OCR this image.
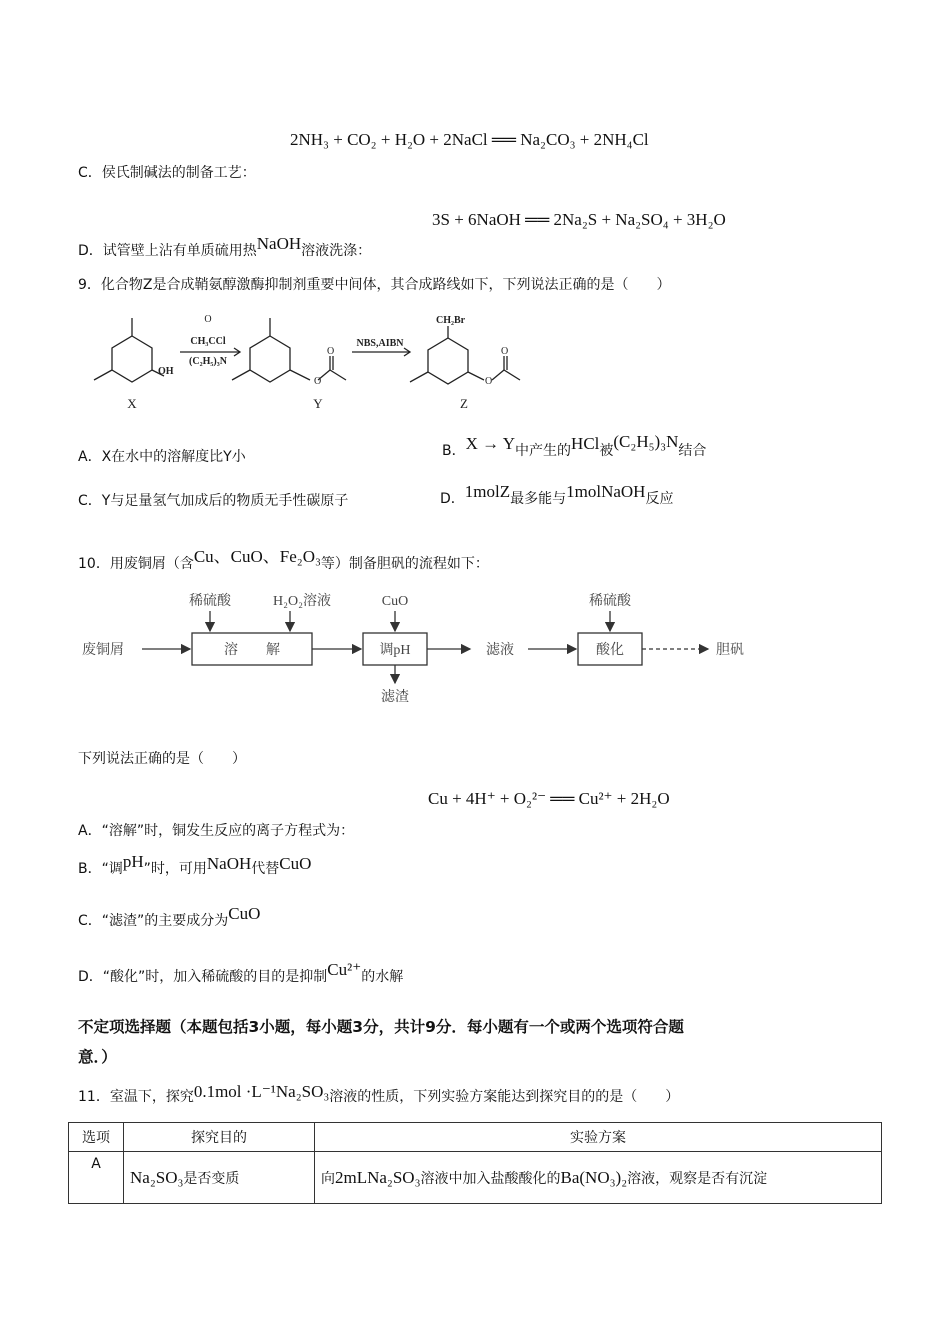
2NH₃ + CO₂ + H₂O + 2NaCl ══ Na₂CO₃ + 2NH₄Cl
C．侯氏制碱法的制备工艺：
3S + 6NaOH ══ 2Na₂S + Na₂SO₄ + 3H₂O
D．试管壁上沾有单质硫用热NaOH溶液洗涤：
9．化合物Z是合成鞘氨醇激酶抑制剂重要中间体，其合成路线如下，下列说法正确的是（　　）
O
CH₃CCl
(C₂H₅)₃N
OH
O
O
NBS,AIBN
CH₂Br
O
O
X	Y	Z
A．X在水中的溶解度比Y小	B．X → Y中产生的HCl被(C₂H₅)₃N结合
C．Y与足量氢气加成后的物质无手性碳原子	D．1molZ最多能与1molNaOH反应
10．用废铜屑（含Cu、CuO、Fe₂O₃等）制备胆矾的流程如下：
废铜屑	溶　　解
稀硫酸	H₂O₂溶液	CuO
调pH
滤渣
滤液
稀硫酸
酸化	胆矾
下列说法正确的是（　　）
Cu + 4H⁺ + O₂²⁻ ══ Cu²⁺ + 2H₂O
A．“溶解”时，铜发生反应的离子方程式为：
B．“调pH”时，可用NaOH代替CuO
C．“滤渣”的主要成分为CuO
D．“酸化”时，加入稀硫酸的目的是抑制Cu²⁺的水解
不定项选择题（本题包括3小题，每小题3分，共计9分．每小题有一个或两个选项符合题
意．）
11．室温下，探究0.1mol ·L⁻¹Na₂SO₃溶液的性质，下列实验方案能达到探究目的的是（　　）
选项	探究目的	实验方案
A	Na₂SO₃是否变质	向2mLNa₂SO₃溶液中加入盐酸酸化的Ba(NO₃)₂溶液，观察是否有沉淀
